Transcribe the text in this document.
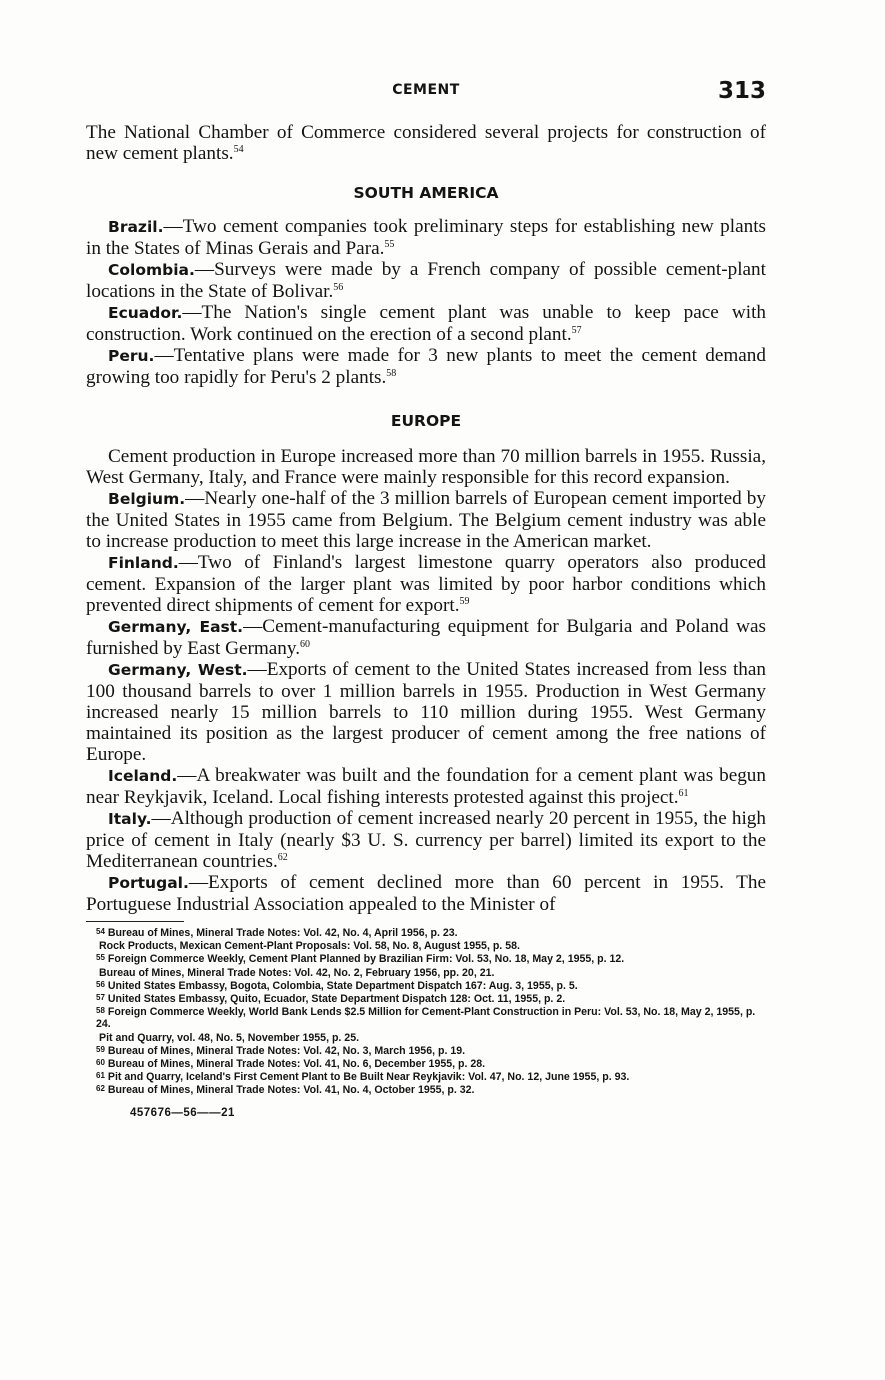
CEMENT	313

The National Chamber of Commerce considered several projects for construction of new cement plants.$^{54}$

SOUTH AMERICA

Brazil.—Two cement companies took preliminary steps for establishing new plants in the States of Minas Gerais and Para.$^{55}$

Colombia.—Surveys were made by a French company of possible cement-plant locations in the State of Bolivar.$^{56}$

Ecuador.—The Nation's single cement plant was unable to keep pace with construction. Work continued on the erection of a second plant.$^{57}$

Peru.—Tentative plans were made for 3 new plants to meet the cement demand growing too rapidly for Peru's 2 plants.$^{58}$

EUROPE

Cement production in Europe increased more than 70 million barrels in 1955. Russia, West Germany, Italy, and France were mainly responsible for this record expansion.

Belgium.—Nearly one-half of the 3 million barrels of European cement imported by the United States in 1955 came from Belgium. The Belgium cement industry was able to increase production to meet this large increase in the American market.

Finland.—Two of Finland's largest limestone quarry operators also produced cement. Expansion of the larger plant was limited by poor harbor conditions which prevented direct shipments of cement for export.$^{59}$

Germany, East.—Cement-manufacturing equipment for Bulgaria and Poland was furnished by East Germany.$^{60}$

Germany, West.—Exports of cement to the United States increased from less than 100 thousand barrels to over 1 million barrels in 1955. Production in West Germany increased nearly 15 million barrels to 110 million during 1955. West Germany maintained its position as the largest producer of cement among the free nations of Europe.

Iceland.—A breakwater was built and the foundation for a cement plant was begun near Reykjavik, Iceland. Local fishing interests protested against this project.$^{61}$

Italy.—Although production of cement increased nearly 20 percent in 1955, the high price of cement in Italy (nearly $3 U. S. currency per barrel) limited its export to the Mediterranean countries.$^{62}$

Portugal.—Exports of cement declined more than 60 percent in 1955. The Portuguese Industrial Association appealed to the Minister of

54 Bureau of Mines, Mineral Trade Notes: Vol. 42, No. 4, April 1956, p. 23.

Rock Products, Mexican Cement-Plant Proposals: Vol. 58, No. 8, August 1955, p. 58.

55 Foreign Commerce Weekly, Cement Plant Planned by Brazilian Firm: Vol. 53, No. 18, May 2, 1955, p. 12.

Bureau of Mines, Mineral Trade Notes: Vol. 42, No. 2, February 1956, pp. 20, 21.

56 United States Embassy, Bogota, Colombia, State Department Dispatch 167: Aug. 3, 1955, p. 5.

57 United States Embassy, Quito, Ecuador, State Department Dispatch 128: Oct. 11, 1955, p. 2.

58 Foreign Commerce Weekly, World Bank Lends $2.5 Million for Cement-Plant Construction in Peru: Vol. 53, No. 18, May 2, 1955, p. 24.

Pit and Quarry, vol. 48, No. 5, November 1955, p. 25.

59 Bureau of Mines, Mineral Trade Notes: Vol. 42, No. 3, March 1956, p. 19.

60 Bureau of Mines, Mineral Trade Notes: Vol. 41, No. 6, December 1955, p. 28.

61 Pit and Quarry, Iceland's First Cement Plant to Be Built Near Reykjavik: Vol. 47, No. 12, June 1955, p. 93.

62 Bureau of Mines, Mineral Trade Notes: Vol. 41, No. 4, October 1955, p. 32.

457676—56——21
